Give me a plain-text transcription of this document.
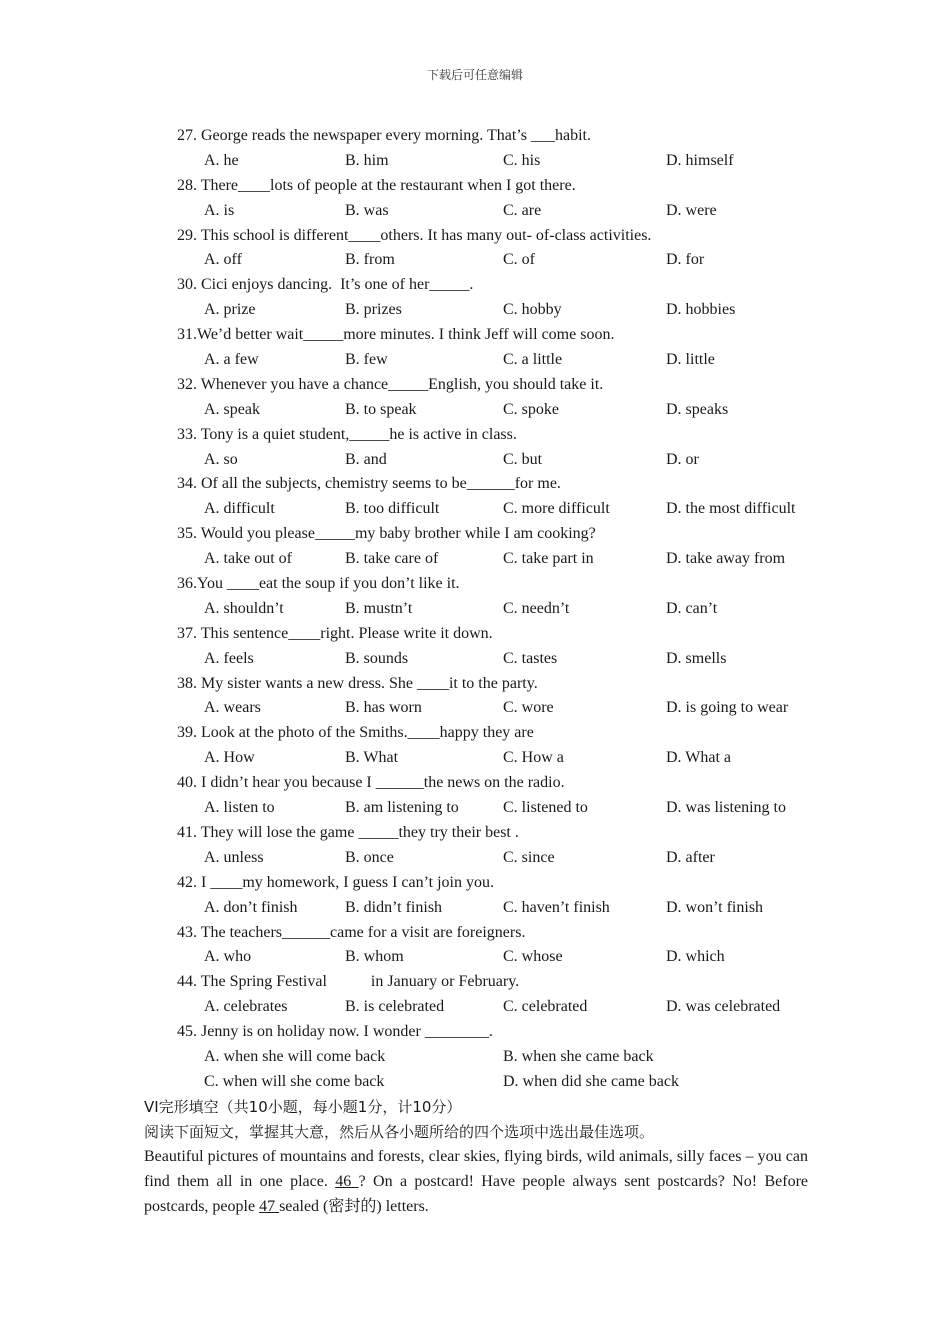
下载后可任意编辑
27. George reads the newspaper every morning. That’s ___habit.
A. he	B. him	C. his	D. himself
28. There____lots of people at the restaurant when I got there.
A. is	B. was	C. are	D. were
29. This school is different____others. It has many out- of-class activities.
A. off	B. from	C. of	D. for
30. Cici enjoys dancing.  It’s one of her_____.
A. prize	B. prizes	C. hobby	D. hobbies
31.We’d better wait_____more minutes. I think Jeff will come soon.
A. a few	B. few	C. a little	D. little
32. Whenever you have a chance_____English, you should take it.
A. speak	B. to speak	C. spoke	D. speaks
33. Tony is a quiet student,_____he is active in class.
A. so	B. and	C. but	D. or
34. Of all the subjects, chemistry seems to be______for me.
A. difficult	B. too difficult	C. more difficult	D. the most difficult
35. Would you please_____my baby brother while I am cooking?
A. take out of	B. take care of	C. take part in	D. take away from
36.You ____eat the soup if you don’t like it.
A. shouldn’t	B. mustn’t	C. needn’t	D. can’t
37. This sentence____right. Please write it down.
A. feels	B. sounds	C. tastes	D. smells
38. My sister wants a new dress. She ____it to the party.
A. wears	B. has worn	C. wore	D. is going to wear
39. Look at the photo of the Smiths.____happy they are
A. How	B. What	C. How a	D. What a
40. I didn’t hear you because I ______the news on the radio.
A. listen to	B. am listening to	C. listened to	D. was listening to
41. They will lose the game _____they try their best .
A. unless	B. once	C. since	D. after
42. I ____my homework, I guess I can’t join you.
A. don’t finish	B. didn’t finish	C. haven’t finish	D. won’t finish
43. The teachers______came for a visit are foreigners.
A. who	B. whom	C. whose	D. which
44. The Spring Festival           in January or February.
A. celebrates	B. is celebrated	C. celebrated	D. was celebrated
45. Jenny is on holiday now. I wonder ________.
A. when she will come back	B. when she came back
C. when will she come back	D. when did she came back
VI完形填空（共10小题，每小题1分，计10分）
阅读下面短文，掌握其大意，然后从各小题所给的四个选项中选出最佳选项。
Beautiful pictures of mountains and forests, clear skies, flying birds, wild animals, silly faces – you can find them all in one place. 46 ? On a postcard! Have people always sent postcards? No! Before postcards, people 47 sealed (密封的) letters.
